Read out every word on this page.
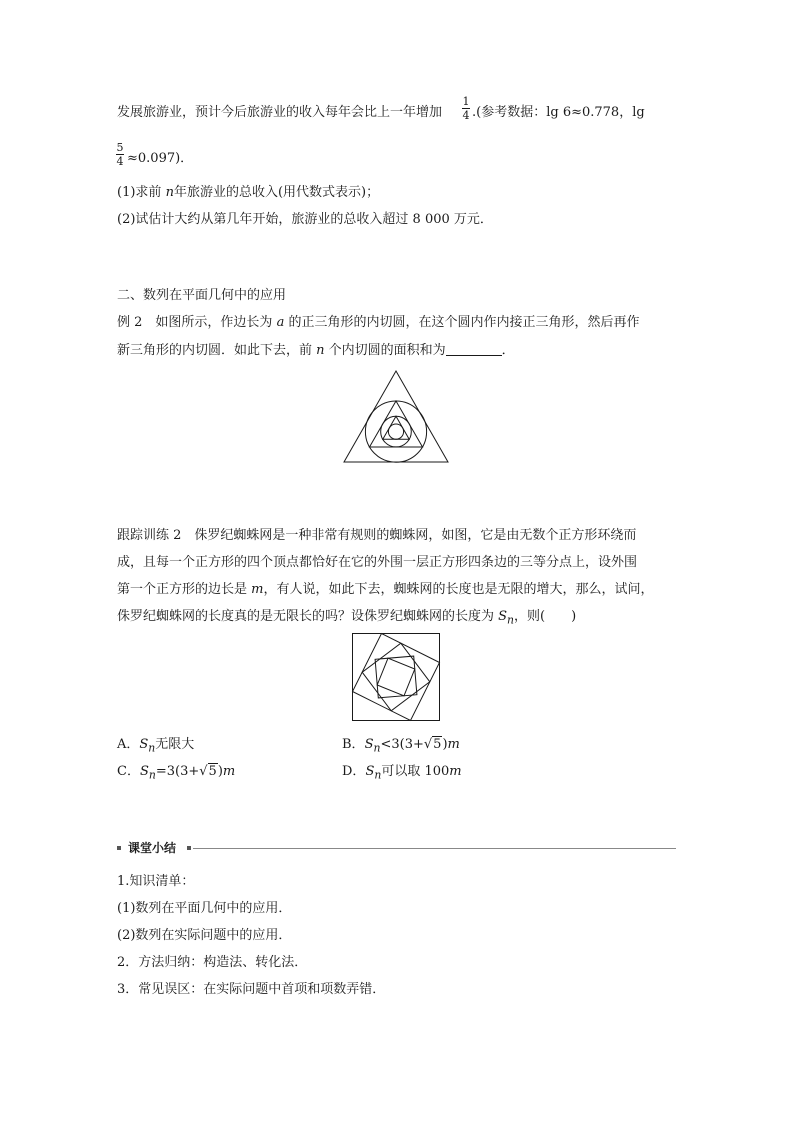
发展旅游业，预计今后旅游业的收入每年会比上一年增加
1
4 .(参考数据：lg 6≈0.778，lg
5
4 ≈0.097)．
(1)求前 n年旅游业的总收入(用代数式表示)；
(2)试估计大约从第几年开始，旅游业的总收入超过 8 000 万元．
二、数列在平面几何中的应用
例 2　 如图所示，作边长为 a 的正三角形的内切圆，在这个圆内作内接正三角形，然后再作
新三角形的内切圆．如此下去，前 n 个内切圆的面积和为	．
跟踪训练 2　 侏罗纪蜘蛛网是一种非常有规则的蜘蛛网，如图，它是由无数个正方形环绕而
成，且每一个正方形的四个顶点都恰好在它的外围一层正方形四条边的三等分点上，设外围
第一个正方形的边长是 m，有人说，如此下去，蜘蛛网的长度也是无限的增大，那么，试问，
侏罗纪蜘蛛网的长度真的是无限长的吗？设侏罗纪蜘蛛网的长度为 $S_n$，则(　　)
A．$S_n$无限大	B．$S_n<3(3+√5)m$
C．$S_n=3(3+√5)m$	D．$S_n$可以取 100m
课堂小结
1.知识清单：
(1)数列在平面几何中的应用．
(2)数列在实际问题中的应用．
2．方法归纳：构造法、转化法．
3．常见误区：在实际问题中首项和项数弄错．
